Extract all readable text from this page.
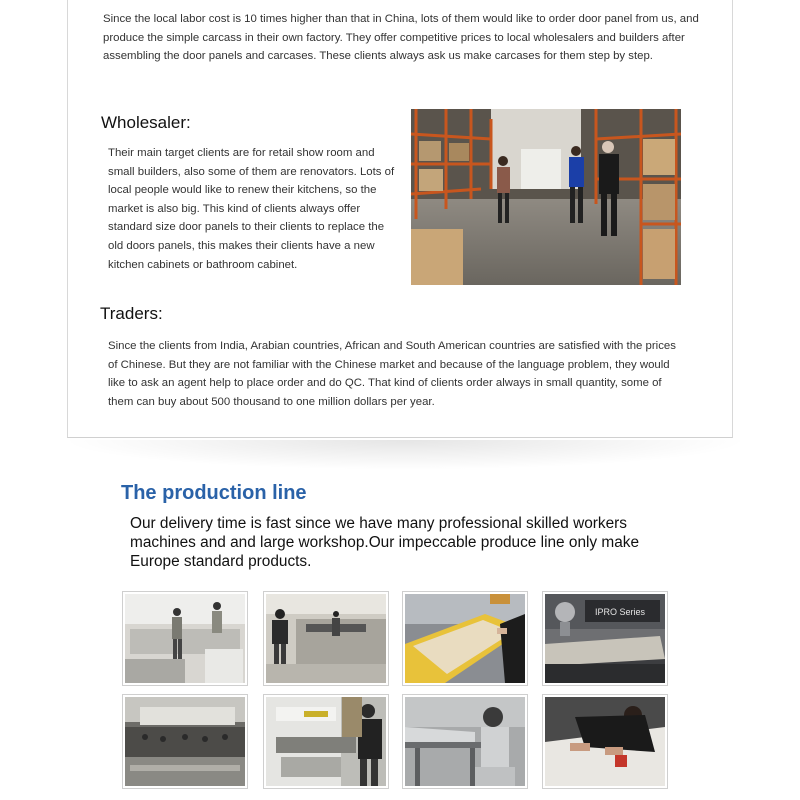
Since the local labor cost is 10 times higher than that in China, lots of them would like to order door panel from us, and produce the simple carcass in their own factory. They offer competitive prices to local wholesalers and builders after assembling the door panels and carcases. These clients always ask us make carcases for them step by step.

Wholesaler:

Their main target clients are for retail show room and small builders, also some of them are renovators. Lots of local people would like to renew their kitchens, so the market is also big. This kind of clients always offer standard size door panels to their clients to replace the old doors panels, this makes their clients have a new kitchen cabinets or bathroom cabinet.

Traders:

Since the clients from India, Arabian countries, African and South American countries are satisfied with the prices of Chinese. But they are not familiar with the Chinese market and because of the language problem, they would like to ask an agent help to place order and do QC. That kind of clients order always in small quantity, some of them can buy about 500 thousand to one million dollars per year.

The production line

Our delivery time is fast since we have many professional skilled workers machines and and large workshop.Our impeccable produce line only make Europe standard products.

IPRO Series
